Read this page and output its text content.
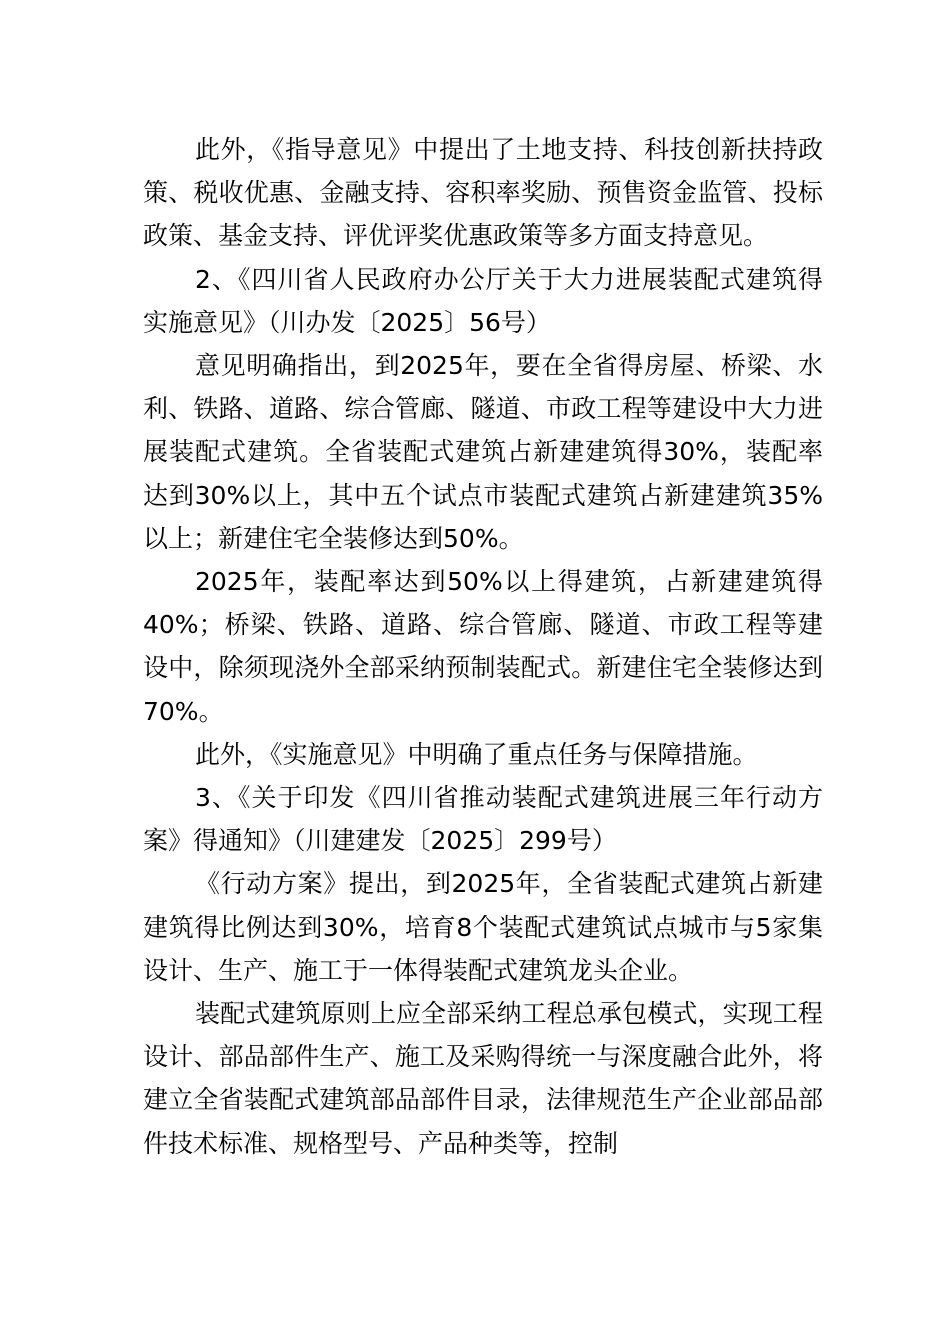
此外，《指导意见》中提出了土地支持、科技创新扶持政策、税收优惠、金融支持、容积率奖励、预售资金监管、投标政策、基金支持、评优评奖优惠政策等多方面支持意见。

2、《四川省人民政府办公厅关于大力进展装配式建筑得实施意见》（川办发〔2025〕56号）

意见明确指出，到2025年，要在全省得房屋、桥梁、水利、铁路、道路、综合管廊、隧道、市政工程等建设中大力进展装配式建筑。全省装配式建筑占新建建筑得30%，装配率达到30%以上，其中五个试点市装配式建筑占新建建筑35%以上；新建住宅全装修达到50%。

2025年，装配率达到50%以上得建筑，占新建建筑得40%；桥梁、铁路、道路、综合管廊、隧道、市政工程等建设中，除须现浇外全部采纳预制装配式。新建住宅全装修达到70%。

此外，《实施意见》中明确了重点任务与保障措施。

3、《关于印发《四川省推动装配式建筑进展三年行动方案》得通知》（川建建发〔2025〕299号）

《行动方案》提出，到2025年，全省装配式建筑占新建建筑得比例达到30%，培育8个装配式建筑试点城市与5家集设计、生产、施工于一体得装配式建筑龙头企业。

装配式建筑原则上应全部采纳工程总承包模式，实现工程设计、部品部件生产、施工及采购得统一与深度融合此外，将建立全省装配式建筑部品部件目录，法律规范生产企业部品部件技术标准、规格型号、产品种类等，控制
